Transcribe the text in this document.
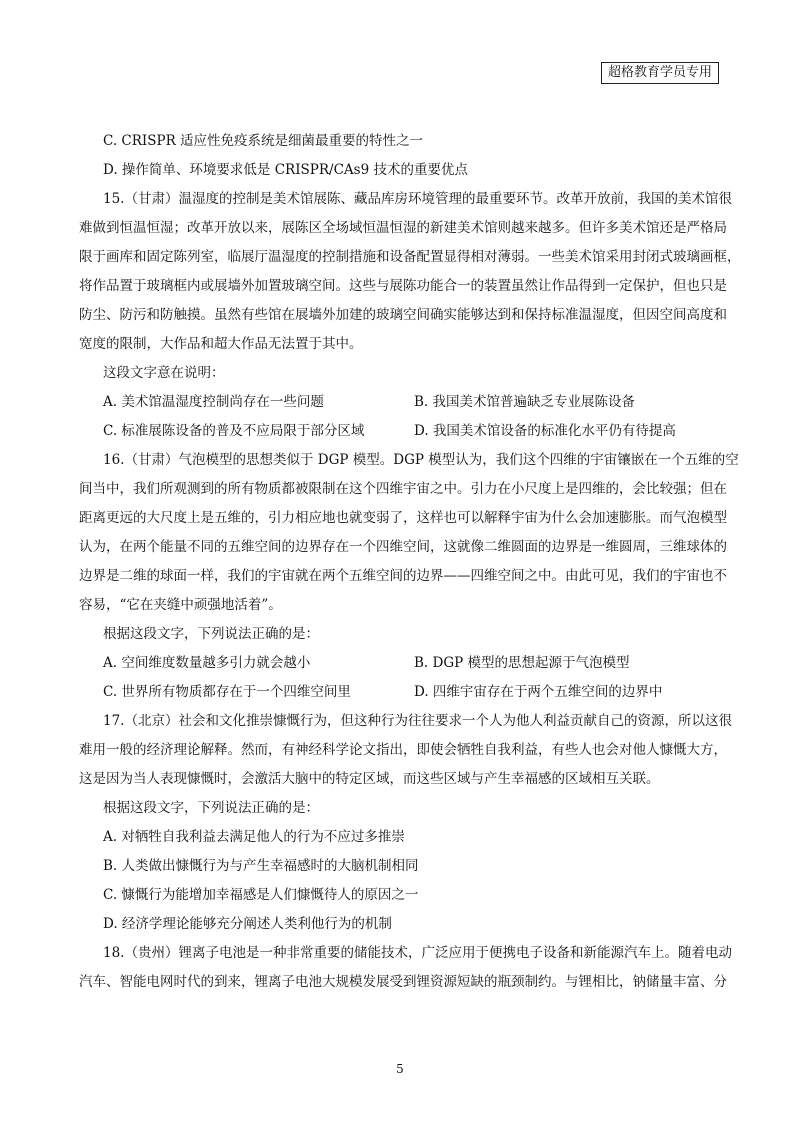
超格教育学员专用
C. CRISPR 适应性免疫系统是细菌最重要的特性之一
D. 操作简单、环境要求低是 CRISPR/CAs9 技术的重要优点
15.（甘肃）温湿度的控制是美术馆展陈、藏品库房环境管理的最重要环节。改革开放前，我国的美术馆很
难做到恒温恒湿；改革开放以来，展陈区全场域恒温恒湿的新建美术馆则越来越多。但许多美术馆还是严格局
限于画库和固定陈列室，临展厅温湿度的控制措施和设备配置显得相对薄弱。一些美术馆采用封闭式玻璃画框，
将作品置于玻璃框内或展墙外加置玻璃空间。这些与展陈功能合一的装置虽然让作品得到一定保护，但也只是
防尘、防污和防触摸。虽然有些馆在展墙外加建的玻璃空间确实能够达到和保持标准温湿度，但因空间高度和
宽度的限制，大作品和超大作品无法置于其中。
这段文字意在说明：
A. 美术馆温湿度控制尚存在一些问题	B. 我国美术馆普遍缺乏专业展陈设备
C. 标准展陈设备的普及不应局限于部分区域	D. 我国美术馆设备的标准化水平仍有待提高
16.（甘肃）气泡模型的思想类似于 DGP 模型。DGP 模型认为，我们这个四维的宇宙镶嵌在一个五维的空
间当中，我们所观测到的所有物质都被限制在这个四维宇宙之中。引力在小尺度上是四维的，会比较强；但在
距离更远的大尺度上是五维的，引力相应地也就变弱了，这样也可以解释宇宙为什么会加速膨胀。而气泡模型
认为，在两个能量不同的五维空间的边界存在一个四维空间，这就像二维圆面的边界是一维圆周，三维球体的
边界是二维的球面一样，我们的宇宙就在两个五维空间的边界——四维空间之中。由此可见，我们的宇宙也不
容易，“它在夹缝中顽强地活着”。
根据这段文字，下列说法正确的是：
A. 空间维度数量越多引力就会越小	B. DGP 模型的思想起源于气泡模型
C. 世界所有物质都存在于一个四维空间里	D. 四维宇宙存在于两个五维空间的边界中
17.（北京）社会和文化推崇慷慨行为，但这种行为往往要求一个人为他人利益贡献自己的资源，所以这很
难用一般的经济理论解释。然而，有神经科学论文指出，即使会牺牲自我利益，有些人也会对他人慷慨大方，
这是因为当人表现慷慨时，会激活大脑中的特定区域，而这些区域与产生幸福感的区域相互关联。
根据这段文字，下列说法正确的是：
A. 对牺牲自我利益去满足他人的行为不应过多推崇
B. 人类做出慷慨行为与产生幸福感时的大脑机制相同
C. 慷慨行为能增加幸福感是人们慷慨待人的原因之一
D. 经济学理论能够充分阐述人类利他行为的机制
18.（贵州）锂离子电池是一种非常重要的储能技术，广泛应用于便携电子设备和新能源汽车上。随着电动
汽车、智能电网时代的到来，锂离子电池大规模发展受到锂资源短缺的瓶颈制约。与锂相比，钠储量丰富、分
5
